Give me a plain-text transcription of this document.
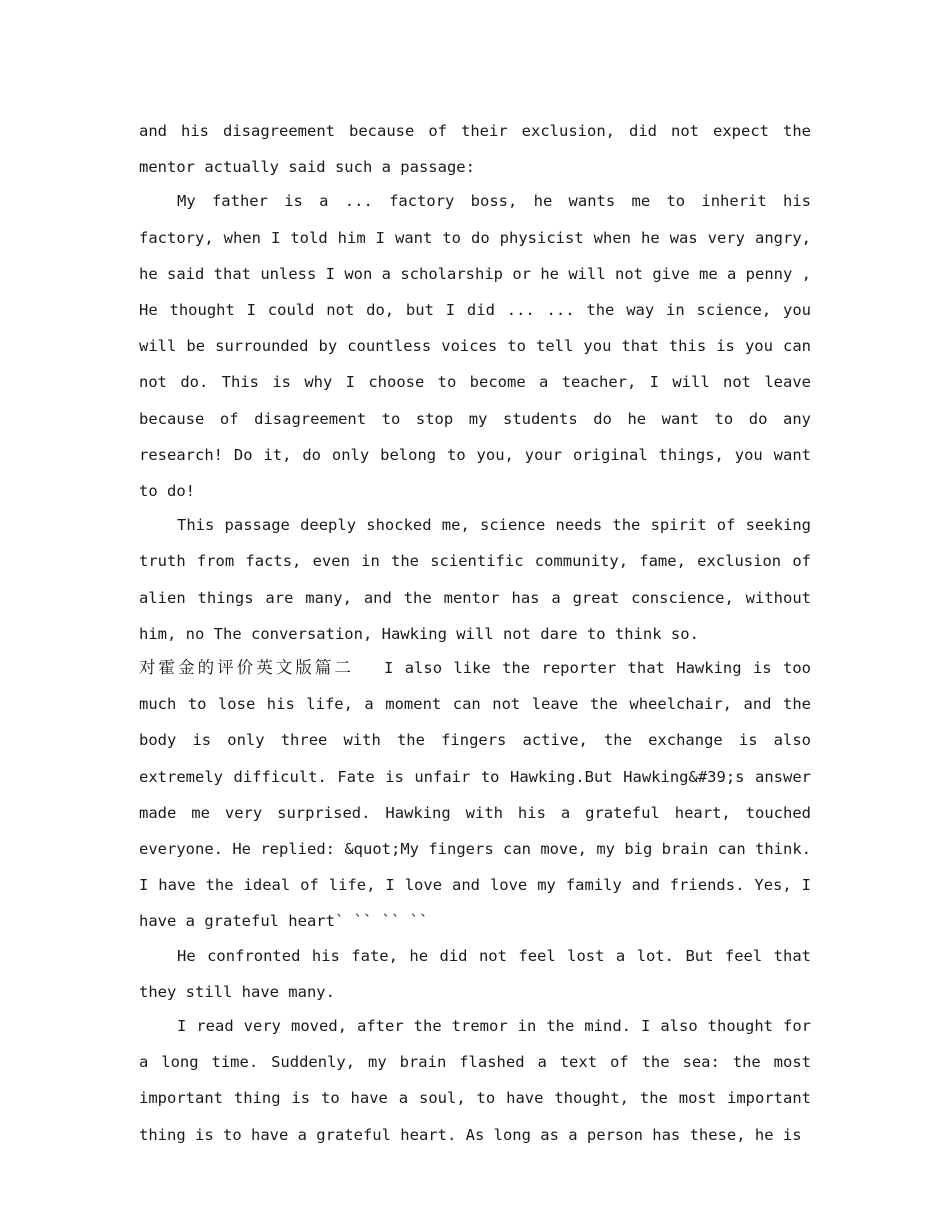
and his disagreement because of their exclusion, did not expect the mentor actually said such a passage:

My father is a ... factory boss, he wants me to inherit his factory, when I told him I want to do physicist when he was very angry, he said that unless I won a scholarship or he will not give me a penny , He thought I could not do, but I did ... ... the way in science, you will be surrounded by countless voices to tell you that this is you can not do. This is why I choose to become a teacher, I will not leave because of disagreement to stop my students do he want to do any research! Do it, do only belong to you, your original things, you want to do!

This passage deeply shocked me, science needs the spirit of seeking truth from facts, even in the scientific community, fame, exclusion of alien things are many, and the mentor has a great conscience, without him, no The conversation, Hawking will not dare to think so.

对霍金的评价英文版篇二 I also like the reporter that Hawking is too much to lose his life, a moment can not leave the wheelchair, and the body is only three with the fingers active, the exchange is also extremely difficult. Fate is unfair to Hawking.But Hawking&#39;s answer made me very surprised. Hawking with his a grateful heart, touched everyone. He replied: &quot;My fingers can move, my big brain can think. I have the ideal of life, I love and love my family and friends. Yes, I have a grateful heart` `` `` ``

He confronted his fate, he did not feel lost a lot. But feel that they still have many.

I read very moved, after the tremor in the mind. I also thought for a long time. Suddenly, my brain flashed a text of the sea: the most important thing is to have a soul, to have thought, the most important thing is to have a grateful heart. As long as a person has these, he is
